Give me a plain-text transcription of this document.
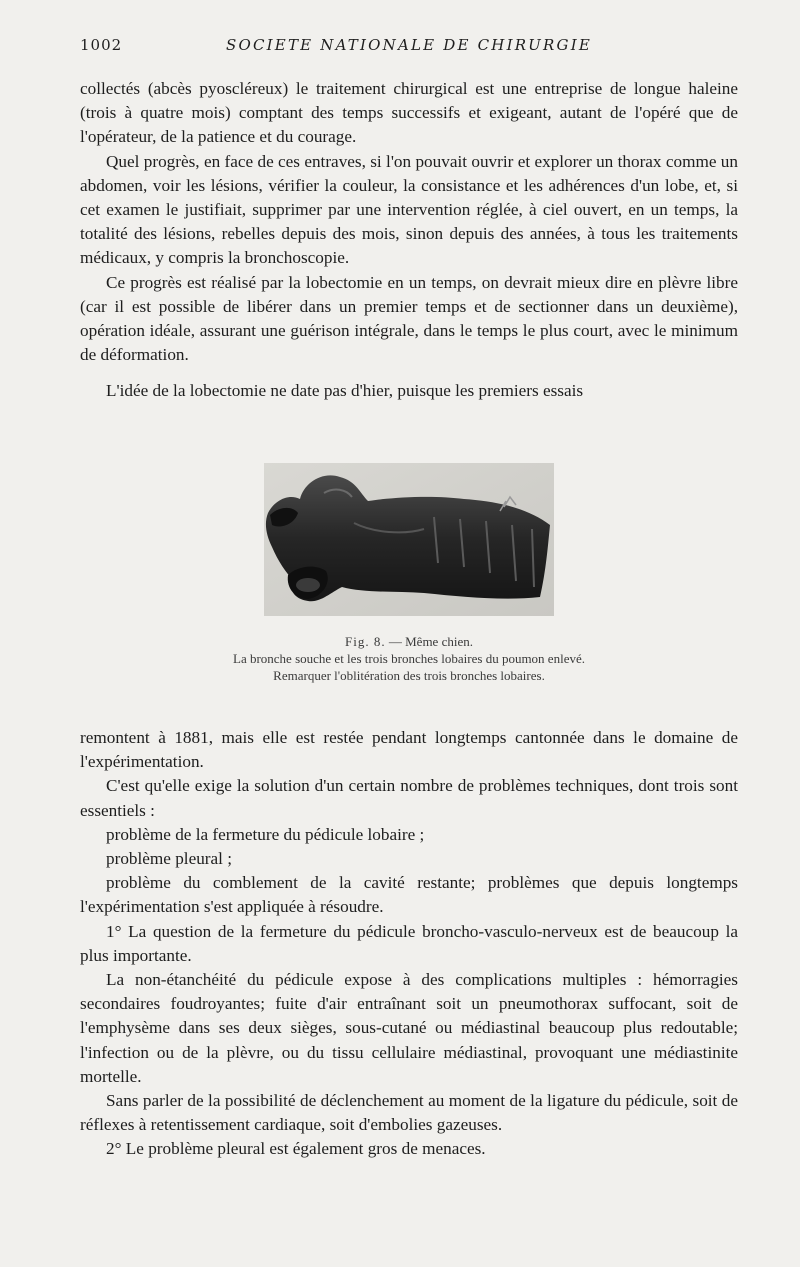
1002	SOCIETE NATIONALE DE CHIRURGIE

collectés (abcès pyoscléreux) le traitement chirurgical est une entreprise de longue haleine (trois à quatre mois) comptant des temps successifs et exigeant, autant de l'opéré que de l'opérateur, de la patience et du courage.

Quel progrès, en face de ces entraves, si l'on pouvait ouvrir et explorer un thorax comme un abdomen, voir les lésions, vérifier la couleur, la consistance et les adhérences d'un lobe, et, si cet examen le justifiait, supprimer par une intervention réglée, à ciel ouvert, en un temps, la totalité des lésions, rebelles depuis des mois, sinon depuis des années, à tous les traitements médicaux, y compris la bronchoscopie.

Ce progrès est réalisé par la lobectomie en un temps, on devrait mieux dire en plèvre libre (car il est possible de libérer dans un premier temps et de sectionner dans un deuxième), opération idéale, assurant une guérison intégrale, dans le temps le plus court, avec le minimum de déformation.

L'idée de la lobectomie ne date pas d'hier, puisque les premiers essais

Fig. 8. — Même chien.
La bronche souche et les trois bronches lobaires du poumon enlevé.
Remarquer l'oblitération des trois bronches lobaires.

remontent à 1881, mais elle est restée pendant longtemps cantonnée dans le domaine de l'expérimentation.

C'est qu'elle exige la solution d'un certain nombre de problèmes techniques, dont trois sont essentiels :

problème de la fermeture du pédicule lobaire ;

problème pleural ;

problème du comblement de la cavité restante; problèmes que depuis longtemps l'expérimentation s'est appliquée à résoudre.

1° La question de la fermeture du pédicule broncho-vasculo-nerveux est de beaucoup la plus importante.

La non-étanchéité du pédicule expose à des complications multiples : hémorragies secondaires foudroyantes; fuite d'air entraînant soit un pneumothorax suffocant, soit de l'emphysème dans ses deux sièges, sous-cutané ou médiastinal beaucoup plus redoutable; l'infection ou de la plèvre, ou du tissu cellulaire médiastinal, provoquant une médiastinite mortelle.

Sans parler de la possibilité de déclenchement au moment de la ligature du pédicule, soit de réflexes à retentissement cardiaque, soit d'embolies gazeuses.

2° Le problème pleural est également gros de menaces.
